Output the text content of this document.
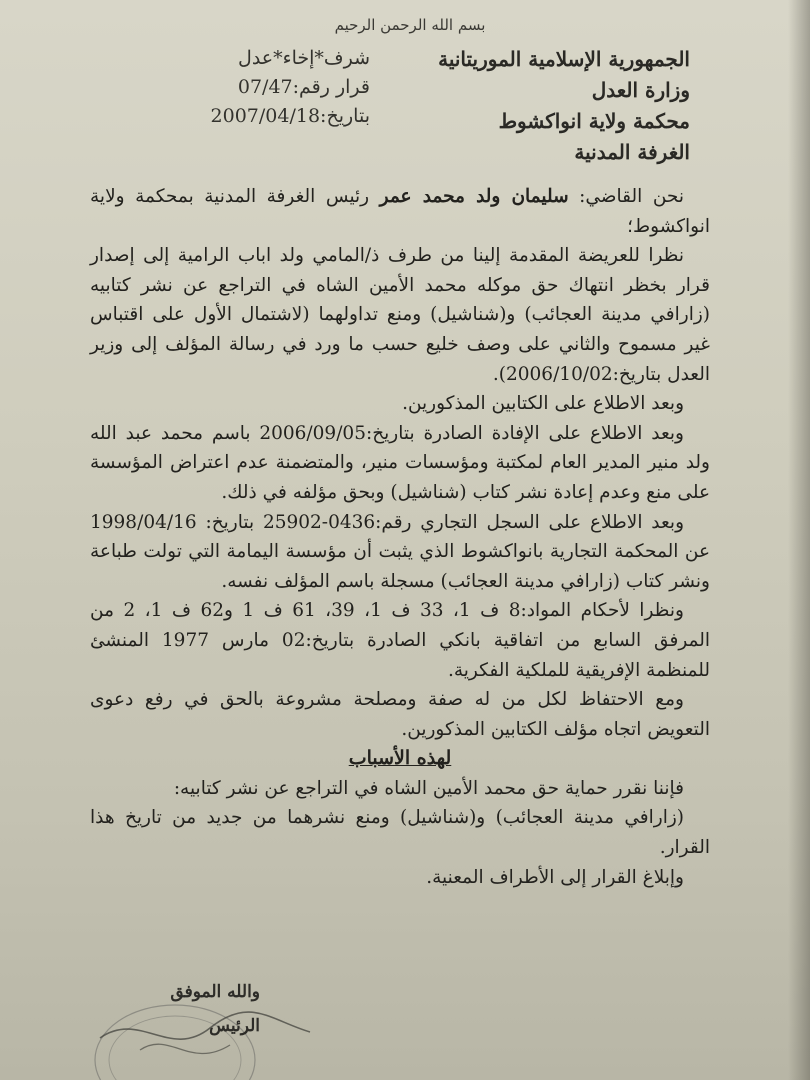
بسم الله الرحمن الرحيم
الجمهورية الإسلامية الموريتانية
وزارة العدل
محكمة ولاية انواكشوط
الغرفة المدنية
شرف*إخاء*عدل
قرار رقم:07/47
بتاريخ:2007/04/18

نحن القاضي: سليمان ولد محمد عمر رئيس الغرفة المدنية بمحكمة ولاية انواكشوط؛

نظرا للعريضة المقدمة إلينا من طرف ذ/المامي ولد اباب الرامية إلى إصدار قرار بخظر انتهاك حق موكله محمد الأمين الشاه في التراجع عن نشر كتابيه (زارافي مدينة العجائب) و(شناشيل) ومنع تداولهما (لاشتمال الأول على اقتباس غير مسموح والثاني على وصف خليع حسب ما ورد في رسالة المؤلف إلى وزير العدل بتاريخ:2006/10/02).

وبعد الاطلاع على الكتابين المذكورين.

وبعد الاطلاع على الإفادة الصادرة بتاريخ:2006/09/05 باسم محمد عبد الله ولد منير المدير العام لمكتبة ومؤسسات منير، والمتضمنة عدم اعتراض المؤسسة على منع وعدم إعادة نشر كتاب (شناشيل) وبحق مؤلفه في ذلك.

وبعد الاطلاع على السجل التجاري رقم:0436-25902 بتاريخ: 1998/04/16 عن المحكمة التجارية بانواكشوط الذي يثبت أن مؤسسة اليمامة التي تولت طباعة ونشر كتاب (زارافي مدينة العجائب) مسجلة باسم المؤلف نفسه.

ونظرا لأحكام المواد:8 ف 1، 33 ف 1، 39، 61 ف 1 و62 ف 1، 2 من المرفق السابع من اتفاقية بانكي الصادرة بتاريخ:02 مارس 1977 المنشئ للمنظمة الإفريقية للملكية الفكرية.

ومع الاحتفاظ لكل من له صفة ومصلحة مشروعة بالحق في رفع دعوى التعويض اتجاه مؤلف الكتابين المذكورين.

لهذه الأسباب

فإننا نقرر حماية حق محمد الأمين الشاه في التراجع عن نشر كتابيه:

(زارافي مدينة العجائب) و(شناشيل) ومنع نشرهما من جديد من تاريخ هذا القرار.

وإبلاغ القرار إلى الأطراف المعنية.

والله الموفق
الرئيس
